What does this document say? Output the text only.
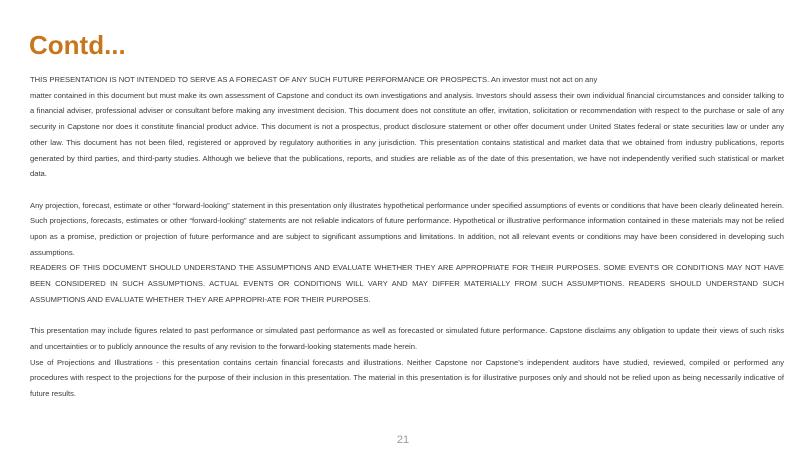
Contd...

THIS PRESENTATION IS NOT INTENDED TO SERVE AS A FORECAST OF ANY SUCH FUTURE PERFORMANCE OR PROSPECTS. An investor must not act on any

matter contained in this document but must make its own assessment of Capstone and conduct its own investigations and analysis. Investors should assess their own individual financial circumstances and consider talking to a financial adviser, professional adviser or consultant before making any investment decision. This document does not constitute an offer, invitation, solicitation or recommendation with respect to the purchase or sale of any security in Capstone nor does it constitute financial product advice. This document is not a prospectus, product disclosure statement or other offer document under United States federal or state securities law or under any other law. This document has not been filed, registered or approved by regulatory authorities in any jurisdiction. This presentation contains statistical and market data that we obtained from industry publications, reports generated by third parties, and third-party studies. Although we believe that the publications, reports, and studies are reliable as of the date of this presentation, we have not independently verified such statistical or market data.

Any projection, forecast, estimate or other “forward-looking” statement in this presentation only illustrates hypothetical performance under specified assumptions of events or conditions that have been clearly delineated herein. Such projections, forecasts, estimates or other “forward-looking” statements are not reliable indicators of future performance. Hypothetical or illustrative performance information contained in these materials may not be relied upon as a promise, prediction or projection of future performance and are subject to significant assumptions and limitations. In addition, not all relevant events or conditions may have been considered in developing such assumptions.

READERS OF THIS DOCUMENT SHOULD UNDERSTAND THE ASSUMPTIONS AND EVALUATE WHETHER THEY ARE APPROPRIATE FOR THEIR PURPOSES. SOME EVENTS OR CONDITIONS MAY NOT HAVE BEEN CONSIDERED IN SUCH ASSUMPTIONS. ACTUAL EVENTS OR CONDITIONS WILL VARY AND MAY DIFFER MATERIALLY FROM SUCH ASSUMPTIONS. READERS SHOULD UNDERSTAND SUCH ASSUMPTIONS AND EVALUATE WHETHER THEY ARE APPROPRI-ATE FOR THEIR PURPOSES.

This presentation may include figures related to past performance or simulated past performance as well as forecasted or simulated future performance. Capstone disclaims any obligation to update their views of such risks and uncertainties or to publicly announce the results of any revision to the forward-looking statements made herein.

Use of Projections and Illustrations - this presentation contains certain financial forecasts and illustrations. Neither Capstone nor Capstone’s independent auditors have studied, reviewed, compiled or performed any procedures with respect to the projections for the purpose of their inclusion in this presentation. The material in this presentation is for illustrative purposes only and should not be relied upon as being necessarily indicative of future results.

21
